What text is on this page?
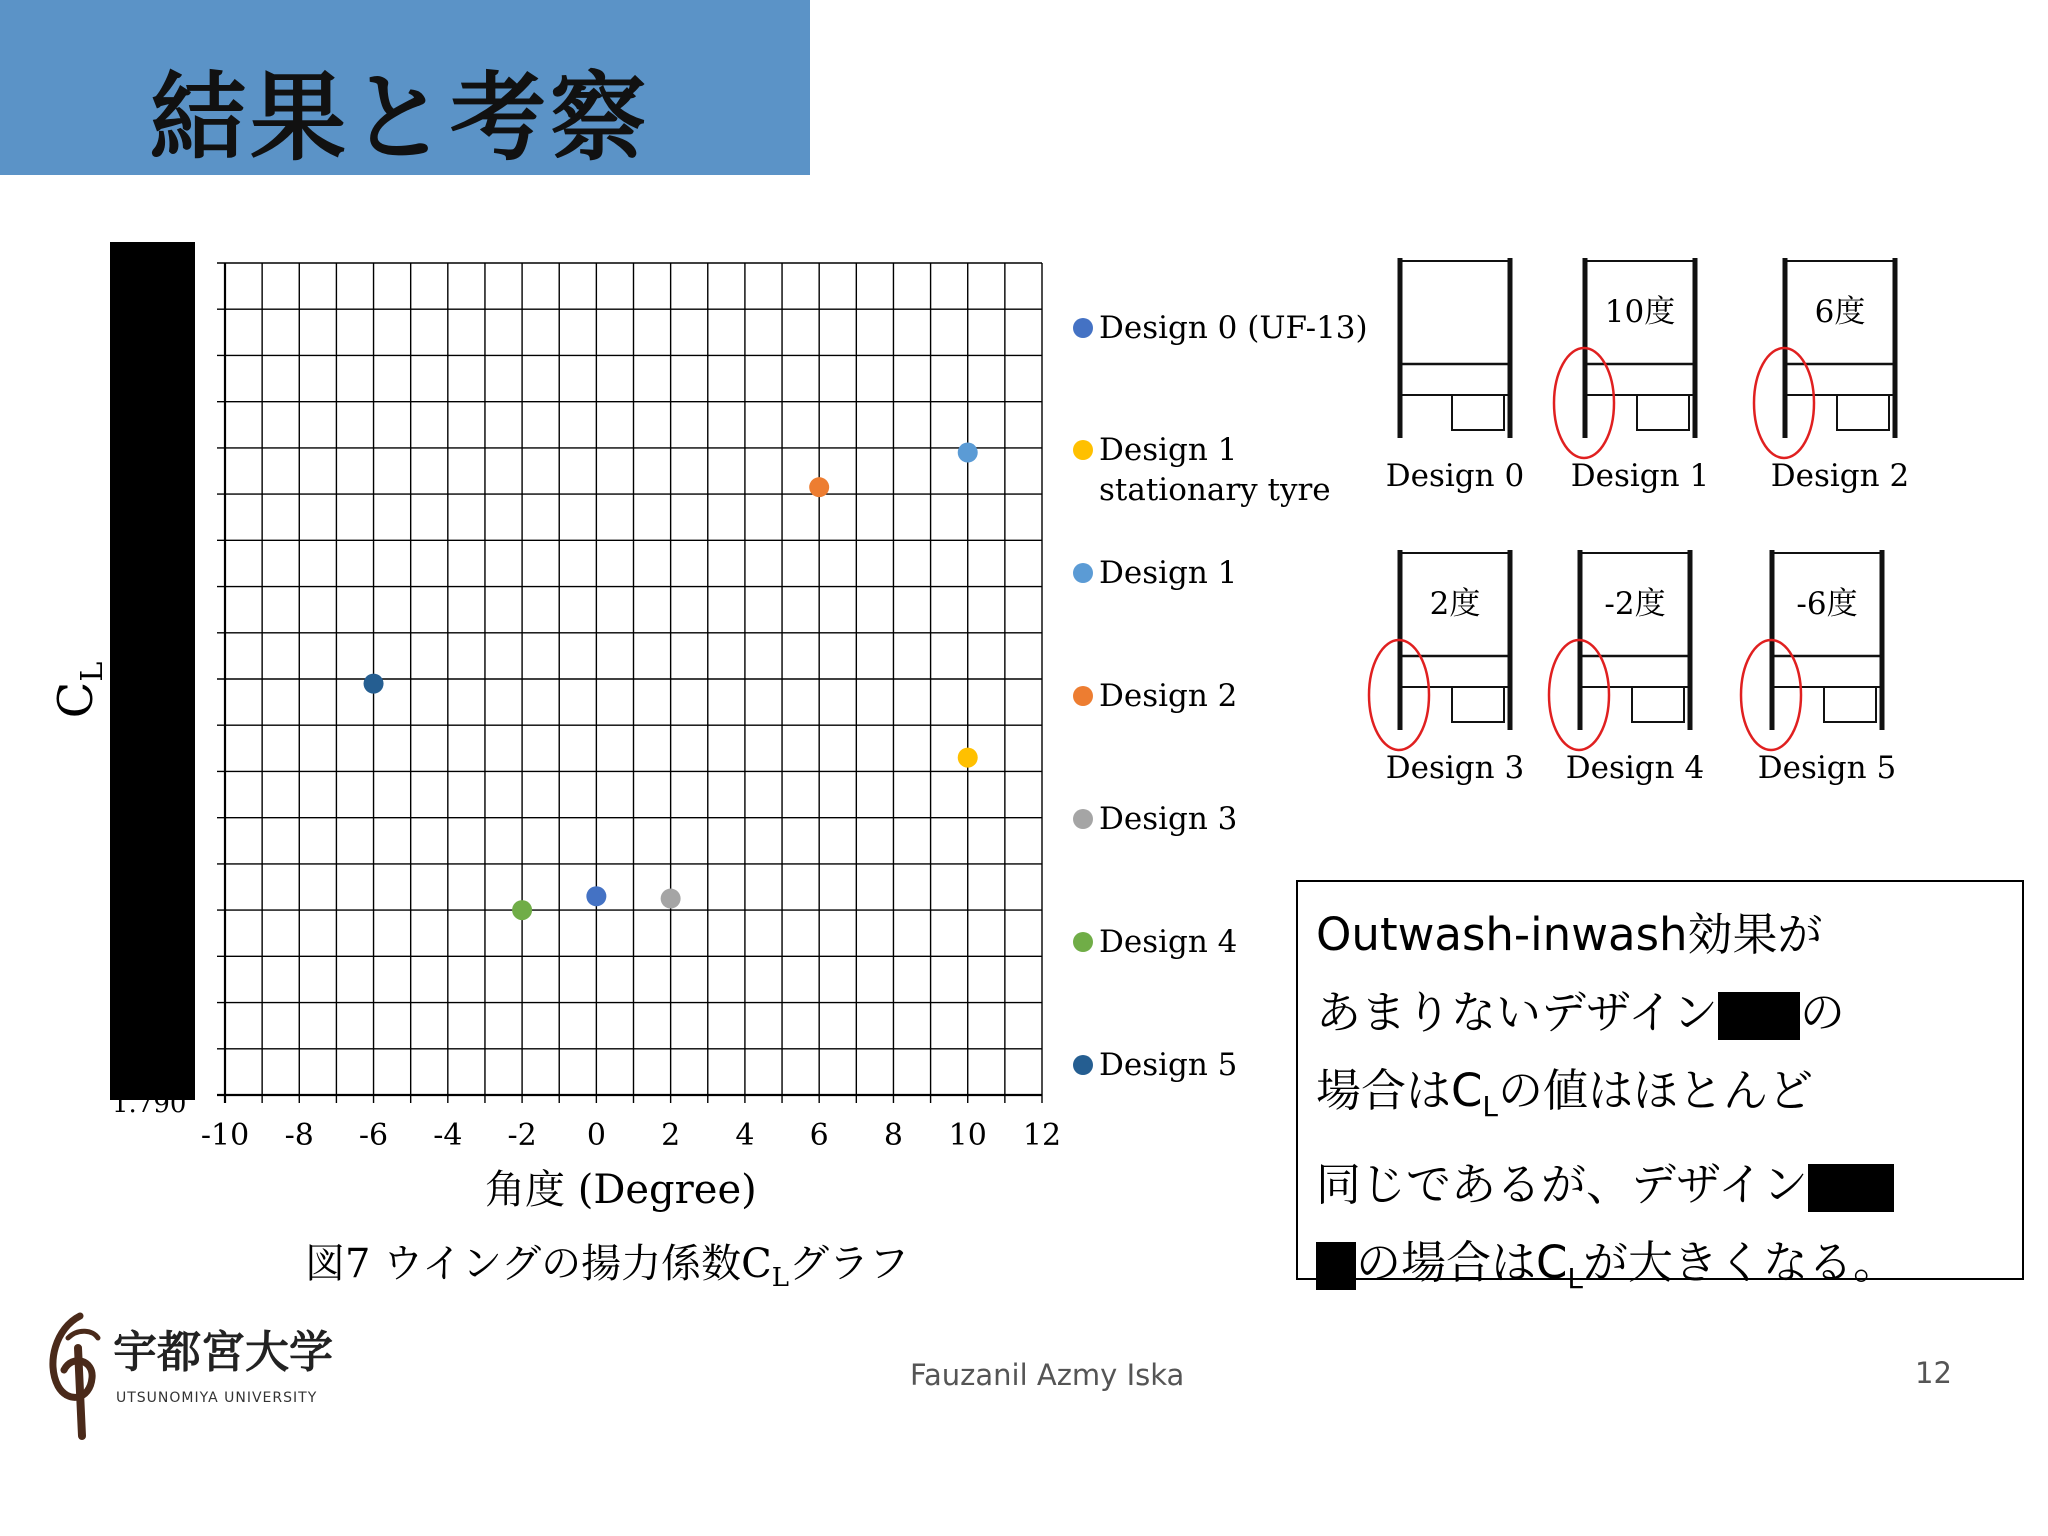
結果と考察
1.790
-10 -8 -6 -4 -2 0 2 4 6 8 10 12
$C_L$
角度 (Degree)
図7 ウイングの揚力係数$C_L$グラフ
Design 0 (UF-13)
Design 1
stationary tyre
Design 1
Design 2
Design 3
Design 4
Design 5
Design 0
10度
Design 1
6度
Design 2
2度
Design 3
-2度
Design 4
-6度
Design 5
Outwash-inwash効果が
あまりないデザイン の
場合は$C_L$の値はほとんど
同じであるが、デザイン
の場合は$C_L$が大きくなる。
宇都宮大学
UTSUNOMIYA UNIVERSITY
Fauzanil Azmy Iska	12
